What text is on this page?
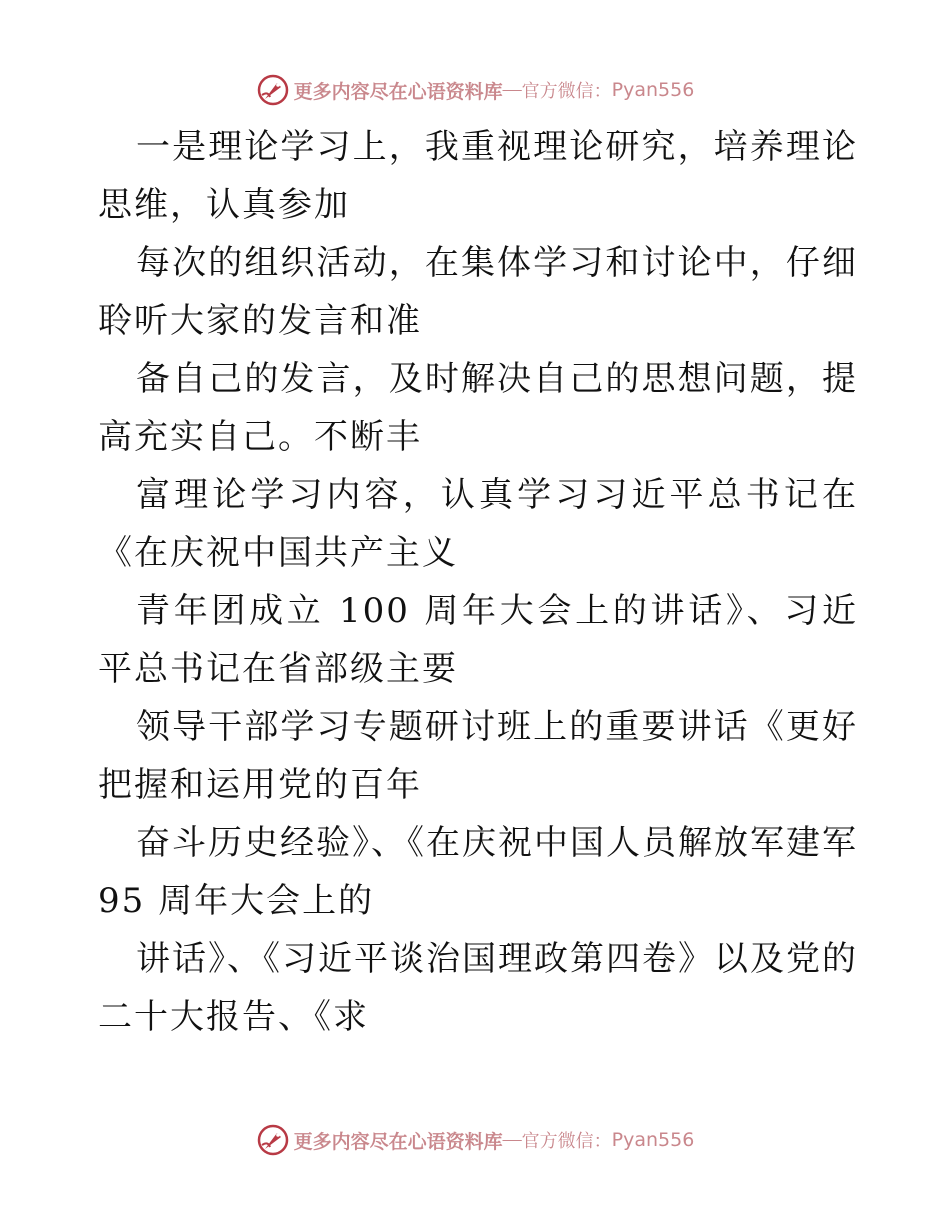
更多内容尽在心语资料库 — 官方微信： Pyan556

一是理论学习上，我重视理论研究，培养理论思维，认真参加

每次的组织活动，在集体学习和讨论中，仔细聆听大家的发言和准

备自己的发言，及时解决自己的思想问题，提高充实自己。不断丰

富理论学习内容，认真学习习近平总书记在《在庆祝中国共产主义

青年团成立 100 周年大会上的讲话》、习近平总书记在省部级主要

领导干部学习专题研讨班上的重要讲话《更好把握和运用党的百年

奋斗历史经验》、《在庆祝中国人员解放军建军 95 周年大会上的

讲话》、《习近平谈治国理政第四卷》以及党的二十大报告、《求

更多内容尽在心语资料库 — 官方微信： Pyan556
